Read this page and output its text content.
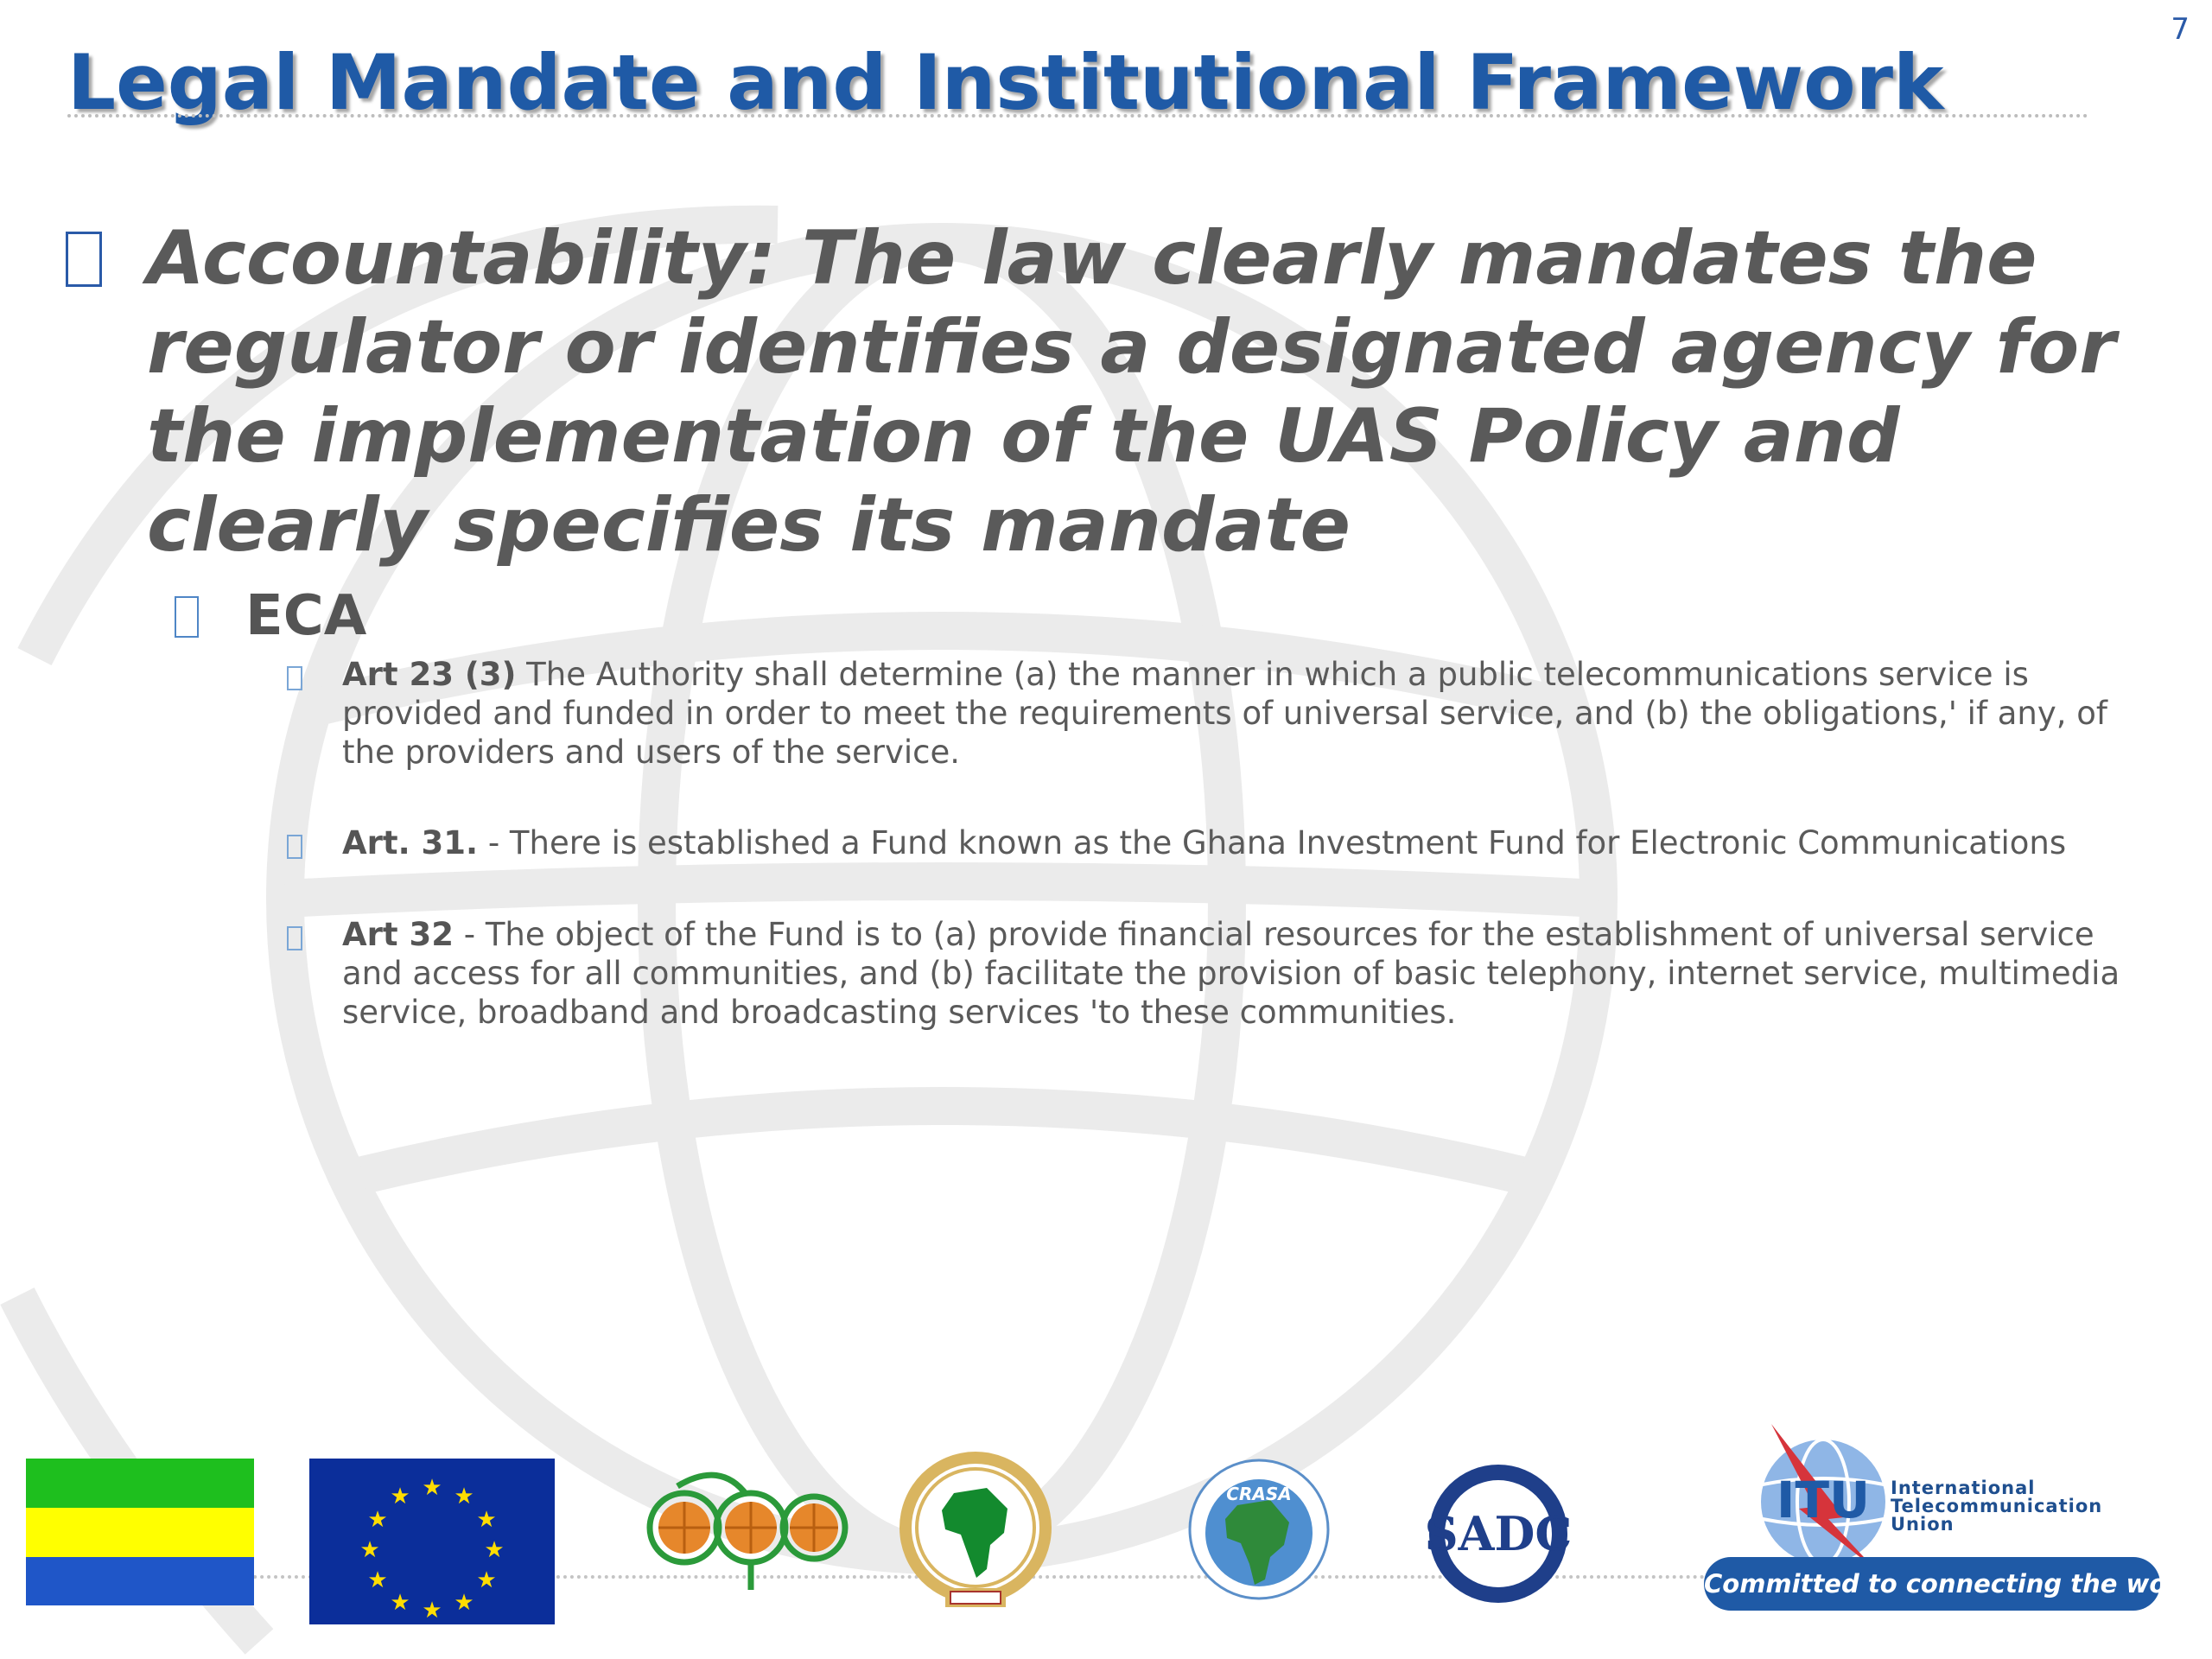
7
Legal Mandate and Institutional Framework

Accountability: The law clearly mandates the regulator or identifies a designated agency for the implementation of the UAS Policy and clearly specifies its mandate

ECA

Art 23 (3) The Authority shall determine (a) the manner in which a public telecommunications service is provided and funded in order to meet the requirements of universal service, and (b) the obligations,' if any, of the providers and users of the service.

Art. 31. - There is established a Fund known as the Ghana Investment Fund for Electronic Communications

Art 32 - The object of the Fund is to (a) provide financial resources for the establishment of universal service and access for all communities, and (b) facilitate the provision of basic telephony, internet service, multimedia service, broadband and broadcasting services 'to these communities.

★ ★
★
★
★
★
★
★
★
★
★
★	CRASA
SADC
ITU International
Telecommunication
Union
Committed to connecting the world
